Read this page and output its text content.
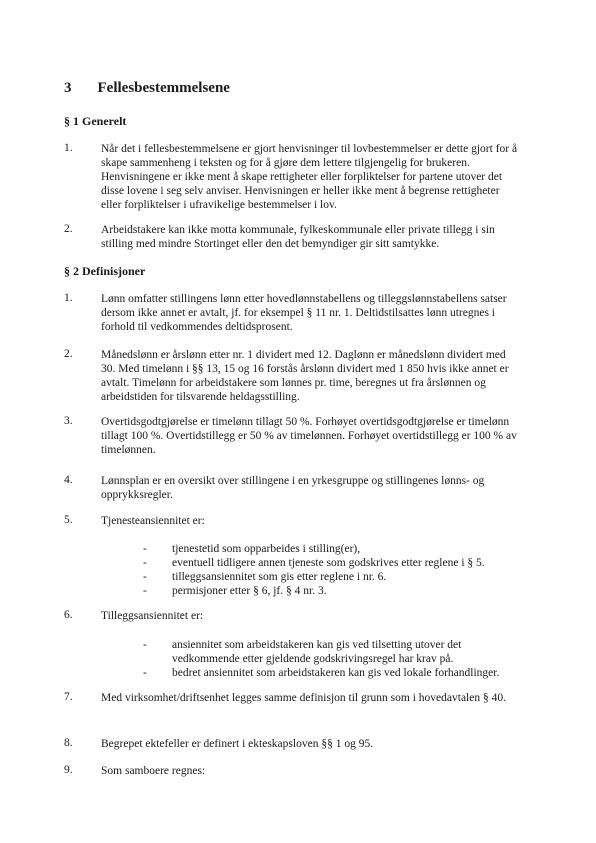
3 Fellesbestemmelsene
§ 1 Generelt
1. Når det i fellesbestemmelsene er gjort henvisninger til lovbestemmelser er dette gjort for å skape sammenheng i teksten og for å gjøre dem lettere tilgjengelig for brukeren. Henvisningene er ikke ment å skape rettigheter eller forpliktelser for partene utover det disse lovene i seg selv anviser. Henvisningen er heller ikke ment å begrense rettigheter eller forpliktelser i ufravikelige bestemmelser i lov.

2. Arbeidstakere kan ikke motta kommunale, fylkeskommunale eller private tillegg i sin stilling med mindre Stortinget eller den det bemyndiger gir sitt samtykke.

§ 2 Definisjoner
1. Lønn omfatter stillingens lønn etter hovedlønnstabellens og tilleggslønnstabellens satser dersom ikke annet er avtalt, jf. for eksempel § 11 nr. 1. Deltidstilsattes lønn utregnes i forhold til vedkommendes deltidsprosent.

2. Månedslønn er årslønn etter nr. 1 dividert med 12. Daglønn er månedslønn dividert med 30. Med timelønn i §§ 13, 15 og 16 forstås årslønn dividert med 1 850 hvis ikke annet er avtalt. Timelønn for arbeidstakere som lønnes pr. time, beregnes ut fra årslønnen og arbeidstiden for tilsvarende heldagsstilling.

3. Overtidsgodtgjørelse er timelønn tillagt 50 %. Forhøyet overtidsgodtgjørelse er timelønn tillagt 100 %. Overtidstillegg er 50 % av timelønnen. Forhøyet overtidstillegg er 100 % av timelønnen.

4. Lønnsplan er en oversikt over stillingene i en yrkesgruppe og stillingenes lønns- og opprykksregler.

5. Tjenesteansiennitet er:

-	tjenestetid som opparbeides i stilling(er),
-	eventuell tidligere annen tjeneste som godskrives etter reglene i § 5.
-	tilleggsansiennitet som gis etter reglene i nr. 6.
-	permisjoner etter § 6, jf. § 4 nr. 3.
6. Tilleggsansiennitet er:

-	ansiennitet som arbeidstakeren kan gis ved tilsetting utover det vedkommende etter gjeldende godskrivingsregel har krav på.
-	bedret ansiennitet som arbeidstakeren kan gis ved lokale forhandlinger.
7. Med virksomhet/driftsenhet legges samme definisjon til grunn som i hovedavtalen § 40.

8. Begrepet ektefeller er definert i ekteskapsloven §§ 1 og 95.

9. Som samboere regnes:
